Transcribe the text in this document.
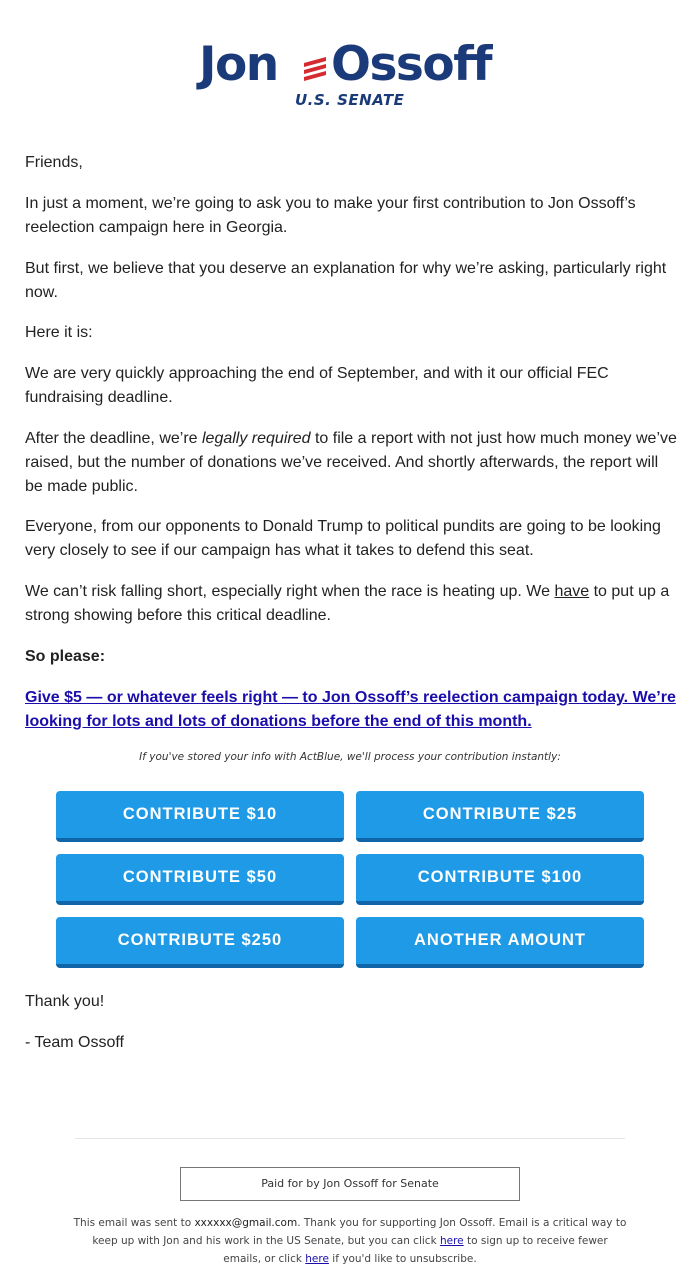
Jon Ossoff
U.S. SENATE

Friends,

In just a moment, we’re going to ask you to make your first contribution to Jon Ossoff’s reelection campaign here in Georgia.

But first, we believe that you deserve an explanation for why we’re asking, particularly right now.

Here it is:

We are very quickly approaching the end of September, and with it our official FEC fundraising deadline.

After the deadline, we’re legally required to file a report with not just how much money we’ve raised, but the number of donations we’ve received. And shortly afterwards, the report will be made public.

Everyone, from our opponents to Donald Trump to political pundits are going to be looking very closely to see if our campaign has what it takes to defend this seat.

We can’t risk falling short, especially right when the race is heating up. We have to put up a strong showing before this critical deadline.

So please:

Give $5 — or whatever feels right — to Jon Ossoff’s reelection campaign today. We’re looking for lots and lots of donations before the end of this month.

If you've stored your info with ActBlue, we'll process your contribution instantly:

CONTRIBUTE $10	CONTRIBUTE $25
CONTRIBUTE $50	CONTRIBUTE $100
CONTRIBUTE $250	ANOTHER AMOUNT

Thank you!

- Team Ossoff

Paid for by Jon Ossoff for Senate

This email was sent to xxxxxx@gmail.com. Thank you for supporting Jon Ossoff. Email is a critical way to keep up with Jon and his work in the US Senate, but you can click here to sign up to receive fewer emails, or click here if you'd like to unsubscribe.
